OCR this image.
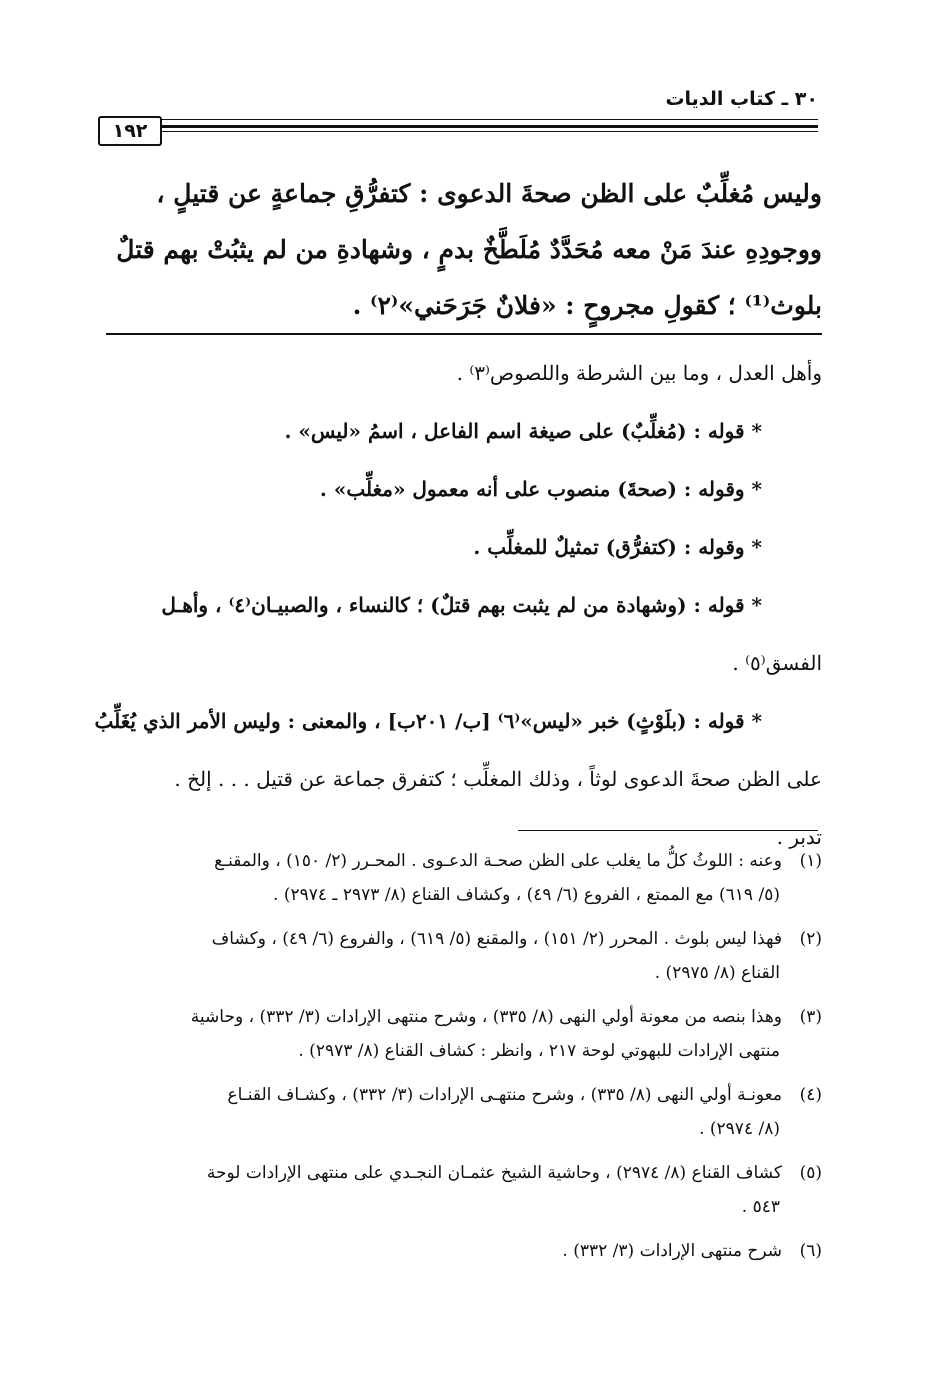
٣٠ ـ كتاب الديات
١٩٢
وليس مُغلِّبٌ على الظن صحةَ الدعوى : كتفرُّقِ جماعةٍ عن قتيلٍ ،
ووجودِهِ عندَ مَنْ معه مُحَدَّدٌ مُلَطَّخٌ بدمٍ ، وشهادةِ من لم يثبُتْ بهم قتلٌ
بلوث⁽¹⁾ ؛ كقولِ مجروحٍ : «فلانٌ جَرَحَني»⁽٢⁾ .
وأهل العدل ، وما بين الشرطة واللصوص⁽٣⁾ .
* قوله : (مُغلِّبٌ) على صيغة اسم الفاعل ، اسمُ «ليس» .
* وقوله : (صحةَ) منصوب على أنه معمول «مغلِّب» .
* وقوله : (كتفرُّق) تمثيلٌ للمغلِّب .
* قوله : (وشهادة من لم يثبت بهم قتلٌ) ؛ كالنساء ، والصبيـان⁽٤⁾ ، وأهـل
الفسق⁽٥⁾ .
* قوله : (بلَوْثٍ) خبر «ليس»⁽٦⁾ [ب/ ٢٠١ب] ، والمعنى : وليس الأمر الذي يُغَلِّبُ
على الظن صحةَ الدعوى لوثاً ، وذلك المغلِّب ؛ كتفرق جماعة عن قتيل . . . إلخ .
تدبر .
(١)وعنه : اللوثُ كلُّ ما يغلب على الظن صحـة الدعـوى . المحـرر (٢/ ١٥٠) ، والمقنـع
(٥/ ٦١٩) مع الممتع ، الفروع (٦/ ٤٩) ، وكشاف القناع (٨/ ٢٩٧٣ ـ ٢٩٧٤) .
(٢)فهذا ليس بلوث . المحرر (٢/ ١٥١) ، والمقنع (٥/ ٦١٩) ، والفروع (٦/ ٤٩) ، وكشاف
القناع (٨/ ٢٩٧٥) .
(٣)وهذا بنصه من معونة أولي النهى (٨/ ٣٣٥) ، وشرح منتهى الإرادات (٣/ ٣٣٢) ، وحاشية
منتهى الإرادات للبهوتي لوحة ٢١٧ ، وانظر : كشاف القناع (٨/ ٢٩٧٣) .
(٤)معونـة أولي النهى (٨/ ٣٣٥) ، وشرح منتهـى الإرادات (٣/ ٣٣٢) ، وكشـاف القنـاع
(٨/ ٢٩٧٤) .
(٥)كشاف القناع (٨/ ٢٩٧٤) ، وحاشية الشيخ عثمـان النجـدي على منتهى الإرادات لوحة
٥٤٣ .
(٦)شرح منتهى الإرادات (٣/ ٣٣٢) .
